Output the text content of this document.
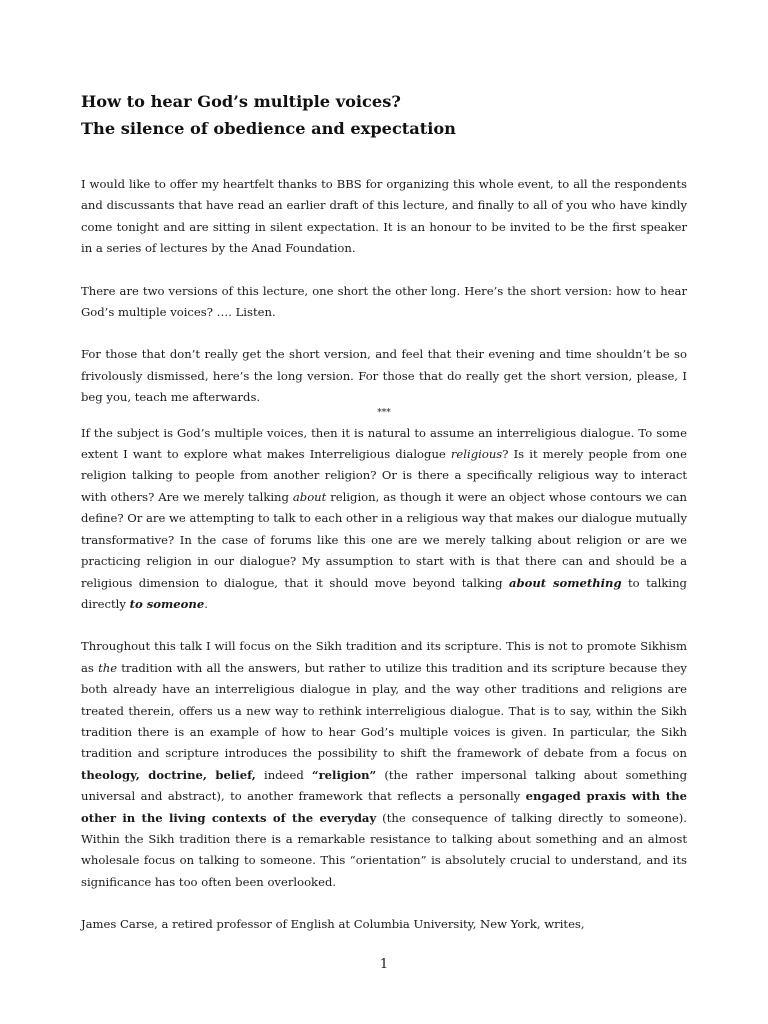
How to hear God’s multiple voices?
The silence of obedience and expectation

I would like to offer my heartfelt thanks to BBS for organizing this whole event, to all the respondents and discussants that have read an earlier draft of this lecture, and finally to all of you who have kindly come tonight and are sitting in silent expectation. It is an honour to be invited to be the first speaker in a series of lectures by the Anad Foundation.

There are two versions of this lecture, one short the other long. Here’s the short version: how to hear God’s multiple voices? …. Listen.

For those that don’t really get the short version, and feel that their evening and time shouldn’t be so frivolously dismissed, here’s the long version. For those that do really get the short version, please, I beg you, teach me afterwards.

***

If the subject is God’s multiple voices, then it is natural to assume an interreligious dialogue. To some extent I want to explore what makes Interreligious dialogue religious? Is it merely people from one religion talking to people from another religion? Or is there a specifically religious way to interact with others? Are we merely talking about religion, as though it were an object whose contours we can define? Or are we attempting to talk to each other in a religious way that makes our dialogue mutually transformative? In the case of forums like this one are we merely talking about religion or are we practicing religion in our dialogue? My assumption to start with is that there can and should be a religious dimension to dialogue, that it should move beyond talking about something to talking directly to someone.

Throughout this talk I will focus on the Sikh tradition and its scripture. This is not to promote Sikhism as the tradition with all the answers, but rather to utilize this tradition and its scripture because they both already have an interreligious dialogue in play, and the way other traditions and religions are treated therein, offers us a new way to rethink interreligious dialogue. That is to say, within the Sikh tradition there is an example of how to hear God’s multiple voices is given. In particular, the Sikh tradition and scripture introduces the possibility to shift the framework of debate from a focus on theology, doctrine, belief, indeed “religion” (the rather impersonal talking about something universal and abstract), to another framework that reflects a personally engaged praxis with the other in the living contexts of the everyday (the consequence of talking directly to someone). Within the Sikh tradition there is a remarkable resistance to talking about something and an almost wholesale focus on talking to someone. This “orientation” is absolutely crucial to understand, and its significance has too often been overlooked.

James Carse, a retired professor of English at Columbia University, New York, writes,

1
